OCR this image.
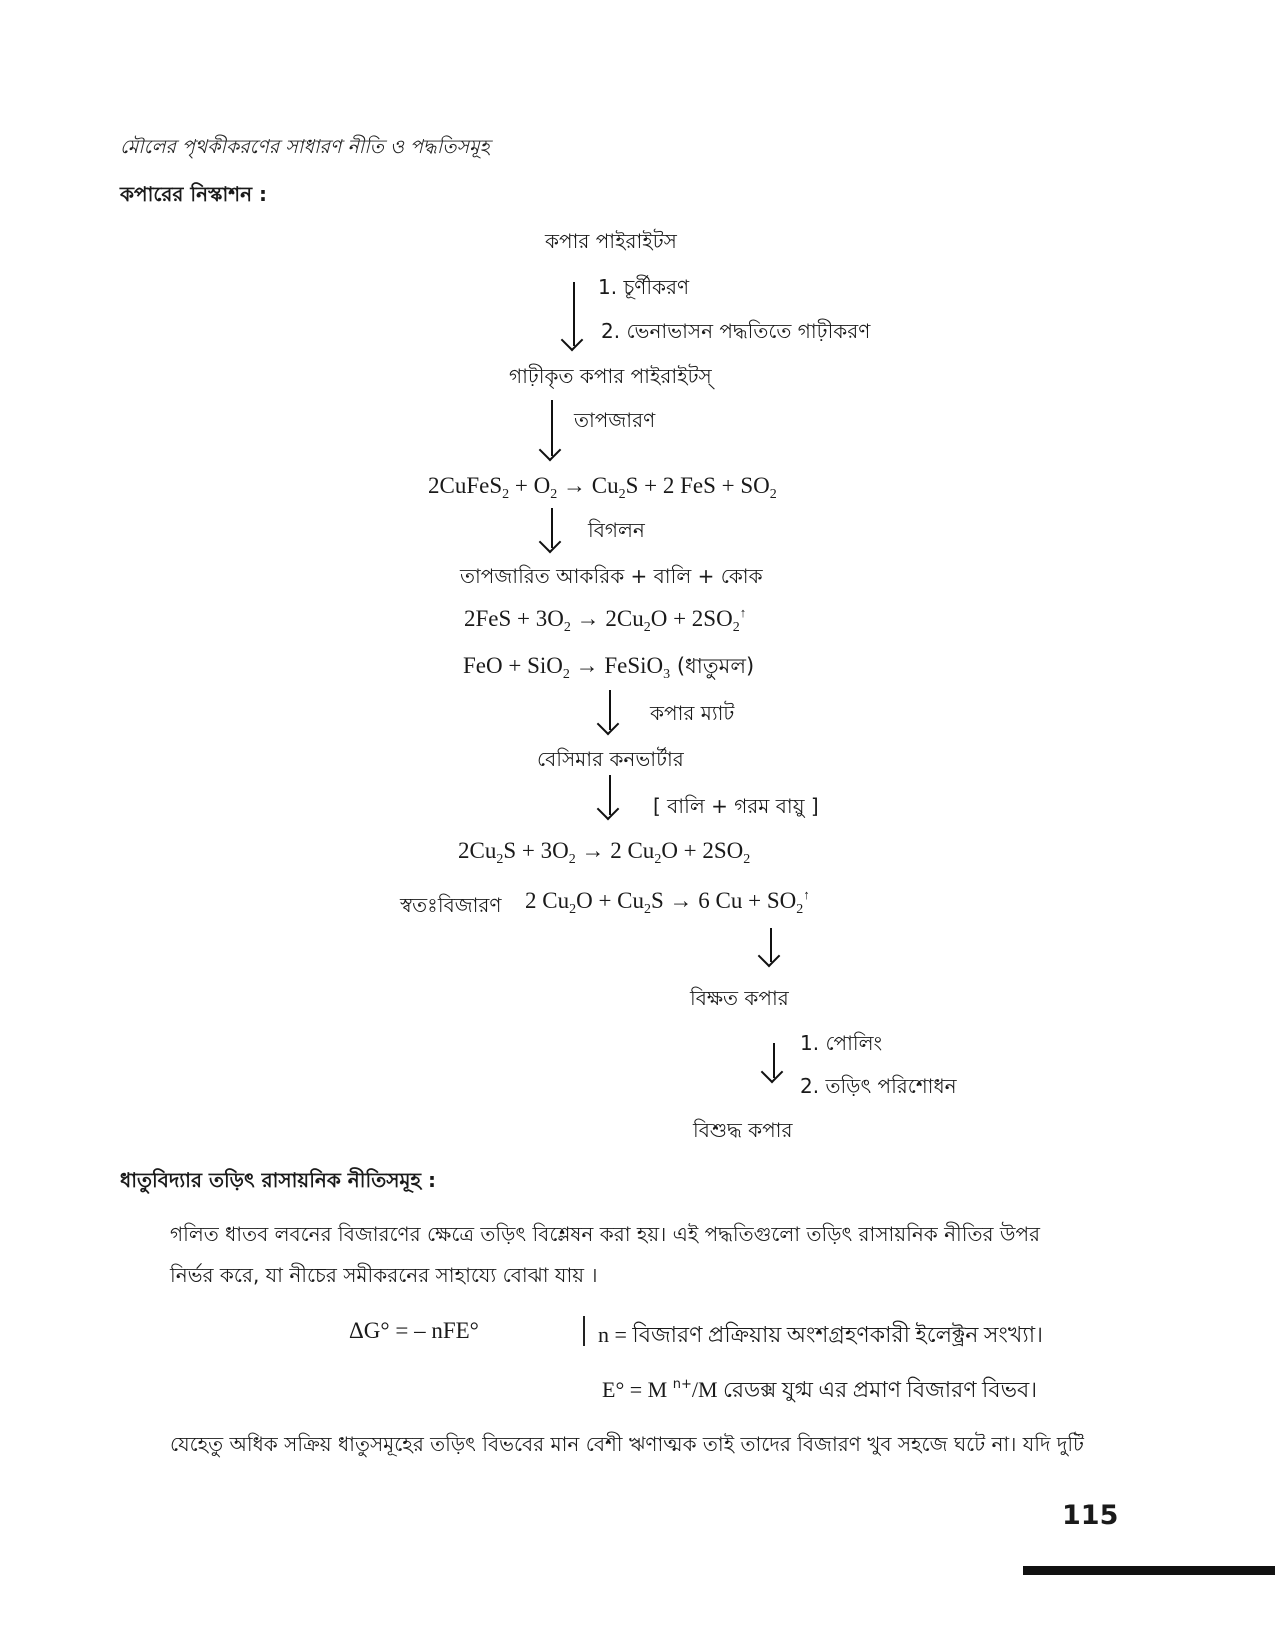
মৌলের পৃথকীকরণের সাধারণ নীতি ও পদ্ধতিসমূহ
কপারের নিস্কাশন :
কপার পাইরাইটস
1. চূর্ণীকরণ
2. ভেনাভাসন পদ্ধতিতে গাঢ়ীকরণ
গাঢ়ীকৃত কপার পাইরাইটস্
তাপজারণ
2CuFeS$_2$ + $O_2 \to Cu_2S + 2$ FeS + $SO_2$
বিগলন
তাপজারিত আকরিক + বালি + কোক
$2FeS + 3O_2 \to 2Cu_2O + 2SO_2^↑$
FeO + SiO$_2$ → FeSiO$_3$ (ধাতুমল)
কপার ম্যাট
বেসিমার কনভার্টার
[ বালি + গরম বায়ু ]
$2Cu_2S + 3O_2 \to 2$ $Cu_2O + 2SO_2$
স্বতঃবিজারণ 2 $Cu_2O + Cu_2S \to 6$ $Cu + SO_2^↑$
বিক্ষত কপার
1. পোলিং
2. তড়িৎ পরিশোধন
বিশুদ্ধ কপার
ধাতুবিদ্যার তড়িৎ রাসায়নিক নীতিসমূহ :
গলিত ধাতব লবনের বিজারণের ক্ষেত্রে তড়িৎ বিশ্লেষন করা হয়। এই পদ্ধতিগুলো তড়িৎ রাসায়নিক নীতির উপর
নির্ভর করে, যা নীচের সমীকরনের সাহায্যে বোঝা যায় ।
ΔG° = – nFE°	n = বিজারণ প্রক্রিয়ায় অংশগ্রহণকারী ইলেক্ট্রন সংখ্যা।
E° = M $^{n+}$/M রেডক্স যুগ্ম এর প্রমাণ বিজারণ বিভব।
যেহেতু অধিক সক্রিয় ধাতুসমূহের তড়িৎ বিভবের মান বেশী ঋণাত্মক তাই তাদের বিজারণ খুব সহজে ঘটে না। যদি দুটি
115
